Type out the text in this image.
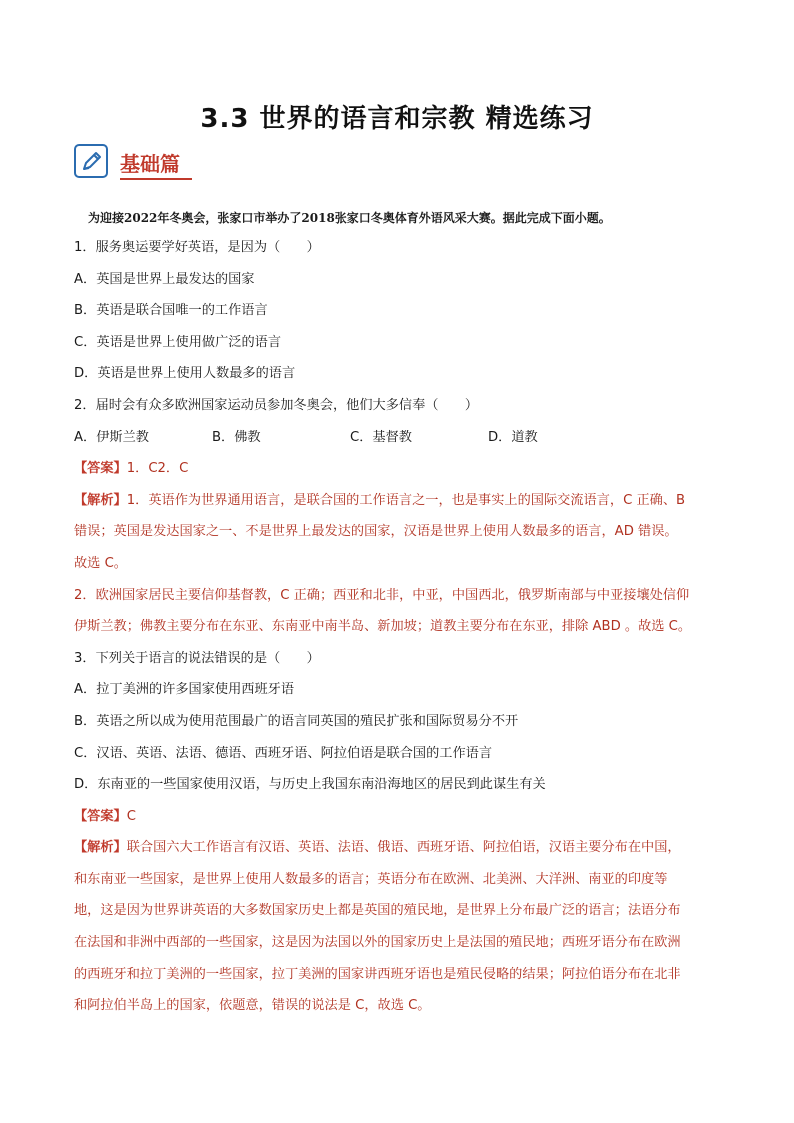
3.3 世界的语言和宗教 精选练习
基础篇
为迎接2022年冬奥会，张家口市举办了2018张家口冬奥体育外语风采大赛。据此完成下面小题。
1．服务奥运要学好英语，是因为（　　）
A．英国是世界上最发达的国家
B．英语是联合国唯一的工作语言
C．英语是世界上使用做广泛的语言
D．英语是世界上使用人数最多的语言
2．届时会有众多欧洲国家运动员参加冬奥会，他们大多信奉（　　）
A．伊斯兰教	B．佛教	C．基督教	D．道教
【答案】1．C2．C
【解析】1．英语作为世界通用语言，是联合国的工作语言之一，也是事实上的国际交流语言，C 正确、B
错误；英国是发达国家之一、不是世界上最发达的国家，汉语是世界上使用人数最多的语言，AD 错误。
故选 C。
2．欧洲国家居民主要信仰基督教，C 正确；西亚和北非，中亚，中国西北，俄罗斯南部与中亚接壤处信仰
伊斯兰教；佛教主要分布在东亚、东南亚中南半岛、新加坡；道教主要分布在东亚，排除 ABD 。故选 C。
3．下列关于语言的说法错误的是（　　）
A．拉丁美洲的许多国家使用西班牙语
B．英语之所以成为使用范围最广的语言同英国的殖民扩张和国际贸易分不开
C．汉语、英语、法语、德语、西班牙语、阿拉伯语是联合国的工作语言
D．东南亚的一些国家使用汉语，与历史上我国东南沿海地区的居民到此谋生有关
【答案】C
【解析】联合国六大工作语言有汉语、英语、法语、俄语、西班牙语、阿拉伯语，汉语主要分布在中国，
和东南亚一些国家，是世界上使用人数最多的语言；英语分布在欧洲、北美洲、大洋洲、南亚的印度等
地，这是因为世界讲英语的大多数国家历史上都是英国的殖民地，是世界上分布最广泛的语言；法语分布
在法国和非洲中西部的一些国家，这是因为法国以外的国家历史上是法国的殖民地；西班牙语分布在欧洲
的西班牙和拉丁美洲的一些国家，拉丁美洲的国家讲西班牙语也是殖民侵略的结果；阿拉伯语分布在北非
和阿拉伯半岛上的国家，依题意，错误的说法是 C，故选 C。
